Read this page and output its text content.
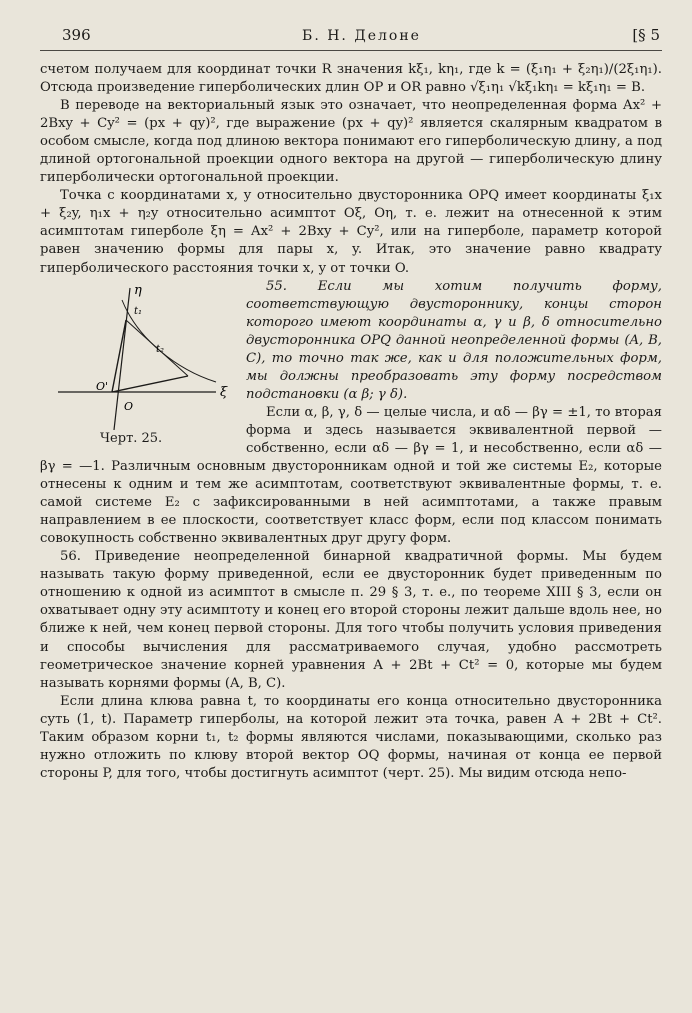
396	Б. Н. Делоне	[§ 5

счетом получаем для координат точки R значения kξ₁, kη₁, где k = (ξ₁η₁ + ξ₂η₁)/(2ξ₁η₁). Отсюда произведение гиперболических длин OP и OR равно √ξ₁η₁ √kξ₁kη₁ = kξ₁η₁ = B.

В переводе на векториальный язык это означает, что неопределенная форма Ax² + 2Bxy + Cy² = (px + qy)², где выражение (px + qy)² является скалярным квадратом в особом смысле, когда под длиною вектора понимают его гиперболическую длину, а под длиной ортогональной проекции одного вектора на другой — гиперболическую длину гиперболически ортогональной проекции.

Точка с координатами x, y относительно двусторонника OPQ имеет координаты ξ₁x + ξ₂y, η₁x + η₂y относительно асимптот Oξ, Oη, т. е. лежит на отнесенной к этим асимптотам гиперболе ξη = Ax² + 2Bxy + Cy², или на гиперболе, параметр которой равен значению формы для пары x, y. Итак, это значение равно квадрату гиперболического расстояния точки x, y от точки O.

η
ξ
O'
O
t₁
t₂
Черт. 25.

55. Если мы хотим получить форму, соответствующую двустороннику, концы сторон которого имеют координаты α, γ и β, δ относительно двусторонника OPQ данной неопределенной формы (A, B, C), то точно так же, как и для положительных форм, мы должны преобразовать эту форму посредством подстановки (α β; γ δ).

Если α, β, γ, δ — целые числа, и αδ — βγ = ±1, то вторая форма и здесь называется эквивалентной первой — собственно, если αδ — βγ = 1, и несобственно, если αδ — βγ = —1. Различным основным двусторонникам одной и той же системы E₂, которые отнесены к одним и тем же асимптотам, соответствуют эквивалентные формы, т. е. самой системе E₂ с зафиксированными в ней асимптотами, а также правым направлением в ее плоскости, соответствует класс форм, если под классом понимать совокупность собственно эквивалентных друг другу форм.

56. Приведение неопределенной бинарной квадратичной формы. Мы будем называть такую форму приведенной, если ее двусторонник будет приведенным по отношению к одной из асимптот в смысле п. 29 § 3, т. е., по теореме XIII § 3, если он охватывает одну эту асимптоту и конец его второй стороны лежит дальше вдоль нее, но ближе к ней, чем конец первой стороны. Для того чтобы получить условия приведения и способы вычисления для рассматриваемого случая, удобно рассмотреть геометрическое значение корней уравнения A + 2Bt + Ct² = 0, которые мы будем называть корнями формы (A, B, C).

Если длина клюва равна t, то координаты его конца относительно двусторонника суть (1, t). Параметр гиперболы, на которой лежит эта точка, равен A + 2Bt + Ct². Таким образом корни t₁, t₂ формы являются числами, показывающими, сколько раз нужно отложить по клюву второй вектор OQ формы, начиная от конца ее первой стороны P, для того, чтобы достигнуть асимптот (черт. 25). Мы видим отсюда непо-
